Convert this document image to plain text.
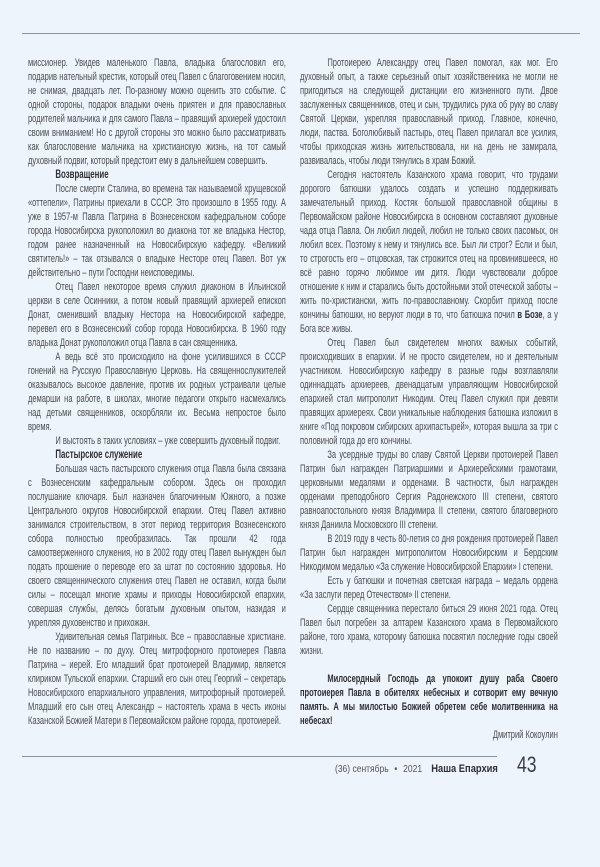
миссионер. Увидев маленького Павла, владыка благословил его, подарив нательный крестик, который отец Павел с благоговением носил, не снимая, двадцать лет. По-разному можно оценить это событие. С одной стороны, подарок владыки очень приятен и для православных родителей мальчика и для самого Павла – правящий архиерей удостоил своим вниманием! Но с другой стороны это можно было рассматривать как благословение мальчика на христианскую жизнь, на тот самый духовный подвиг, который предстоит ему в дальнейшем совершить.

Возвращение

После смерти Сталина, во времена так называемой хрущевской «оттепели», Патрины приехали в СССР. Это произошло в 1955 году. А уже в 1957-м Павла Патрина в Вознесенском кафедральном соборе города Новосибирска рукоположил во диакона тот же владыка Нестор, годом ранее назначенный на Новосибирскую кафедру. «Великий святитель!» – так отзывался о владыке Несторе отец Павел. Вот уж действительно – пути Господни неисповедимы.

Отец Павел некоторое время служил диаконом в Ильинской церкви в селе Осинники, а потом новый правящий архиерей епископ Донат, сменивший владыку Нестора на Новосибирской кафедре, перевел его в Вознесенский собор города Новосибирска. В 1960 году владыка Донат рукоположил отца Павла в сан священника.

А ведь всё это происходило на фоне усилившихся в СССР гонений на Русскую Православную Церковь. На священнослужителей оказывалось высокое давление, против их родных устраивали целые демарши на работе, в школах, многие педагоги открыто насмехались над детьми священников, оскорбляли их. Весьма непростое было время.

И выстоять в таких условиях – уже совершить духовный подвиг.

Пастырское служение

Большая часть пастырского служения отца Павла была связана с Вознесенским кафедральным собором. Здесь он проходил послушание ключаря. Был назначен благочинным Южного, а позже Центрального округов Новосибирской епархии. Отец Павел активно занимался строительством, в этот период территория Вознесенского собора полностью преобразилась. Так прошли 42 года самоотверженного служения, но в 2002 году отец Павел вынужден был подать прошение о переводе его за штат по состоянию здоровья. Но своего священнического служения отец Павел не оставил, когда были силы – посещал многие храмы и приходы Новосибирской епархии, совершая службы, делясь богатым духовным опытом, назидая и укрепляя духовенство и прихожан.

Удивительная семья Патриных. Все – православные христиане. Не по названию – по духу. Отец митрофорного протоиерея Павла Патрина – иерей. Его младший брат протоиерей Владимир, является клириком Тульской епархии. Старший его сын отец Георгий – секретарь Новосибирского епархиального управления, митрофорный протоиерей. Младший его сын отец Александр – настоятель храма в честь иконы Казанской Божией Матери в Первомайском районе города, протоиерей.

Протоиерею Александру отец Павел помогал, как мог. Его духовный опыт, а также серьезный опыт хозяйственника не могли не пригодиться на следующей дистанции его жизненного пути. Двое заслуженных священников, отец и сын, трудились рука об руку во славу Святой Церкви, укрепляя православный приход. Главное, конечно, люди, паства. Боголюбивый пастырь, отец Павел прилагал все усилия, чтобы приходская жизнь жительствовала, ни на день не замирала, развивалась, чтобы люди тянулись в храм Божий.

Сегодня настоятель Казанского храма говорит, что трудами дорогого батюшки удалось создать и успешно поддерживать замечательный приход. Костяк большой православной общины в Первомайском районе Новосибирска в основном составляют духовные чада отца Павла. Он любил людей, любил не только своих пасомых, он любил всех. Поэтому к нему и тянулись все. Был ли строг? Если и был, то строгость его – отцовская, так строжится отец на провинившееся, но всё равно горячо любимое им дитя. Люди чувствовали доброе отношение к ним и старались быть достойными этой отеческой заботы – жить по-христиански, жить по-православному. Скорбит приход после кончины батюшки, но веруют люди в то, что батюшка почил в Бозе, а у Бога все живы.

Отец Павел был свидетелем многих важных событий, происходивших в епархии. И не просто свидетелем, но и деятельным участником. Новосибирскую кафедру в разные годы возглавляли одиннадцать архиереев, двенадцатым управляющим Новосибирской епархией стал митрополит Никодим. Отец Павел служил при девяти правящих архиереях. Свои уникальные наблюдения батюшка изложил в книге «Под покровом сибирских архипастырей», которая вышла за три с половиной года до его кончины.

За усердные труды во славу Святой Церкви протоиерей Павел Патрин был награжден Патриаршими и Архиерейскими грамотами, церковными медалями и орденами. В частности, был награжден орденами преподобного Сергия Радонежского III степени, святого равноапостольного князя Владимира II степени, святого благоверного князя Даниила Московского III степени.

В 2019 году в честь 80-летия со дня рождения протоиерей Павел Патрин был награжден митрополитом Новосибирским и Бердским Никодимом медалью «За служение Новосибирской Епархии» I степени.

Есть у батюшки и почетная светская награда – медаль ордена «За заслуги перед Отечеством» II степени.

Сердце священника перестало биться 29 июня 2021 года. Отец Павел был погребен за алтарем Казанского храма в Первомайского районе, того храма, которому батюшка посвятил последние годы своей жизни.

Милосердный Господь да упокоит душу раба Своего протоиерея Павла в обителях небесных и сотворит ему вечную память. А мы милостью Божией обретем себе молитвенника на небесах!

Дмитрий Кокоулин

(36) сентябрь • 2021 Наша Епархия 43
